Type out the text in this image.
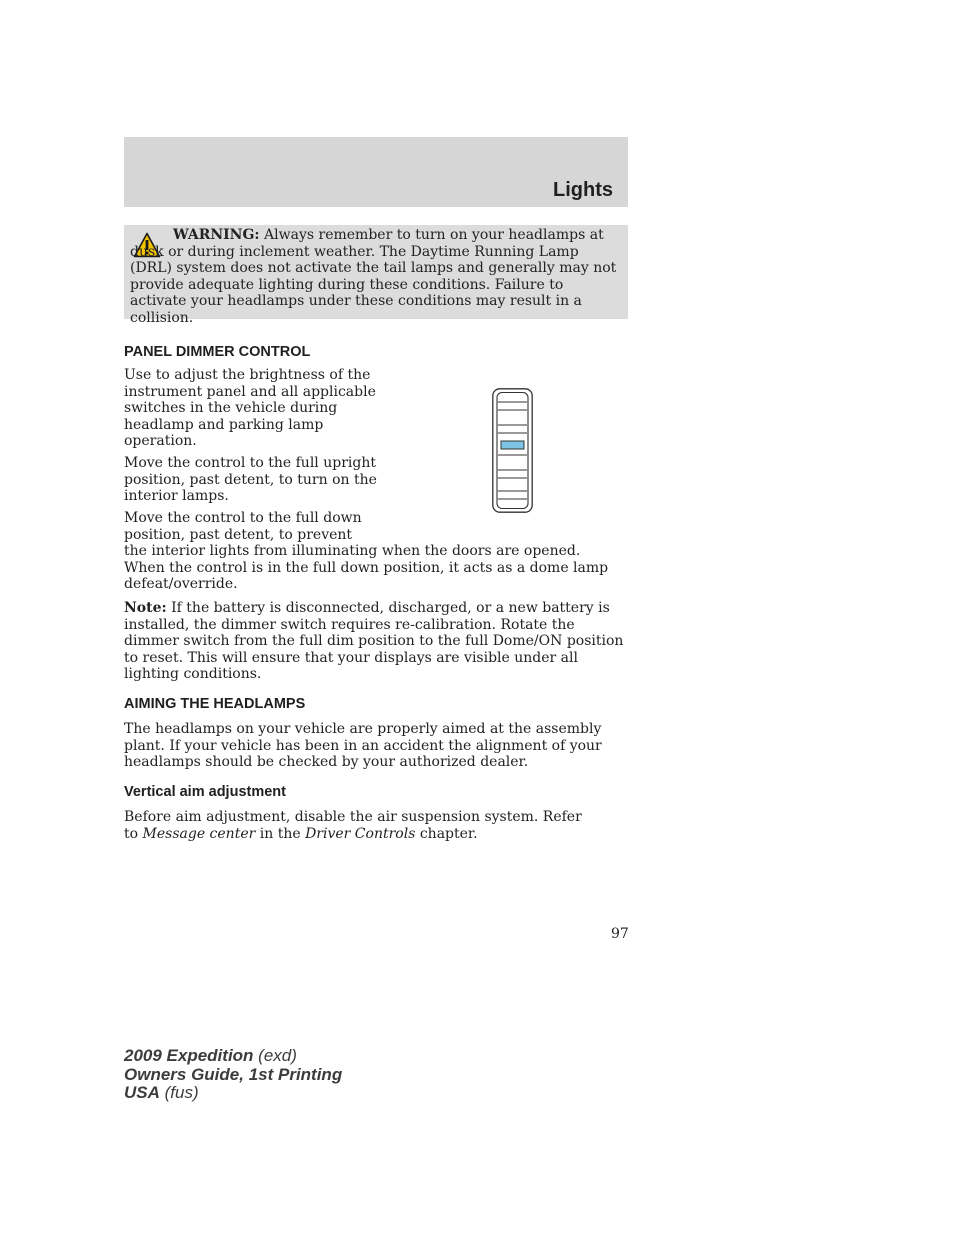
Lights

WARNING: Always remember to turn on your headlamps at dusk or during inclement weather. The Daytime Running Lamp (DRL) system does not activate the tail lamps and generally may not provide adequate lighting during these conditions. Failure to activate your headlamps under these conditions may result in a collision.

PANEL DIMMER CONTROL

Use to adjust the brightness of the instrument panel and all applicable switches in the vehicle during headlamp and parking lamp operation.

Move the control to the full upright position, past detent, to turn on the interior lamps.

Move the control to the full down position, past detent, to prevent the interior lights from illuminating when the doors are opened. When the control is in the full down position, it acts as a dome lamp defeat/override.

Note: If the battery is disconnected, discharged, or a new battery is installed, the dimmer switch requires re-calibration. Rotate the dimmer switch from the full dim position to the full Dome/ON position to reset. This will ensure that your displays are visible under all lighting conditions.

AIMING THE HEADLAMPS

The headlamps on your vehicle are properly aimed at the assembly plant. If your vehicle has been in an accident the alignment of your headlamps should be checked by your authorized dealer.

Vertical aim adjustment

Before aim adjustment, disable the air suspension system. Refer to Message center in the Driver Controls chapter.

97
2009 Expedition (exd)
Owners Guide, 1st Printing
USA (fus)
